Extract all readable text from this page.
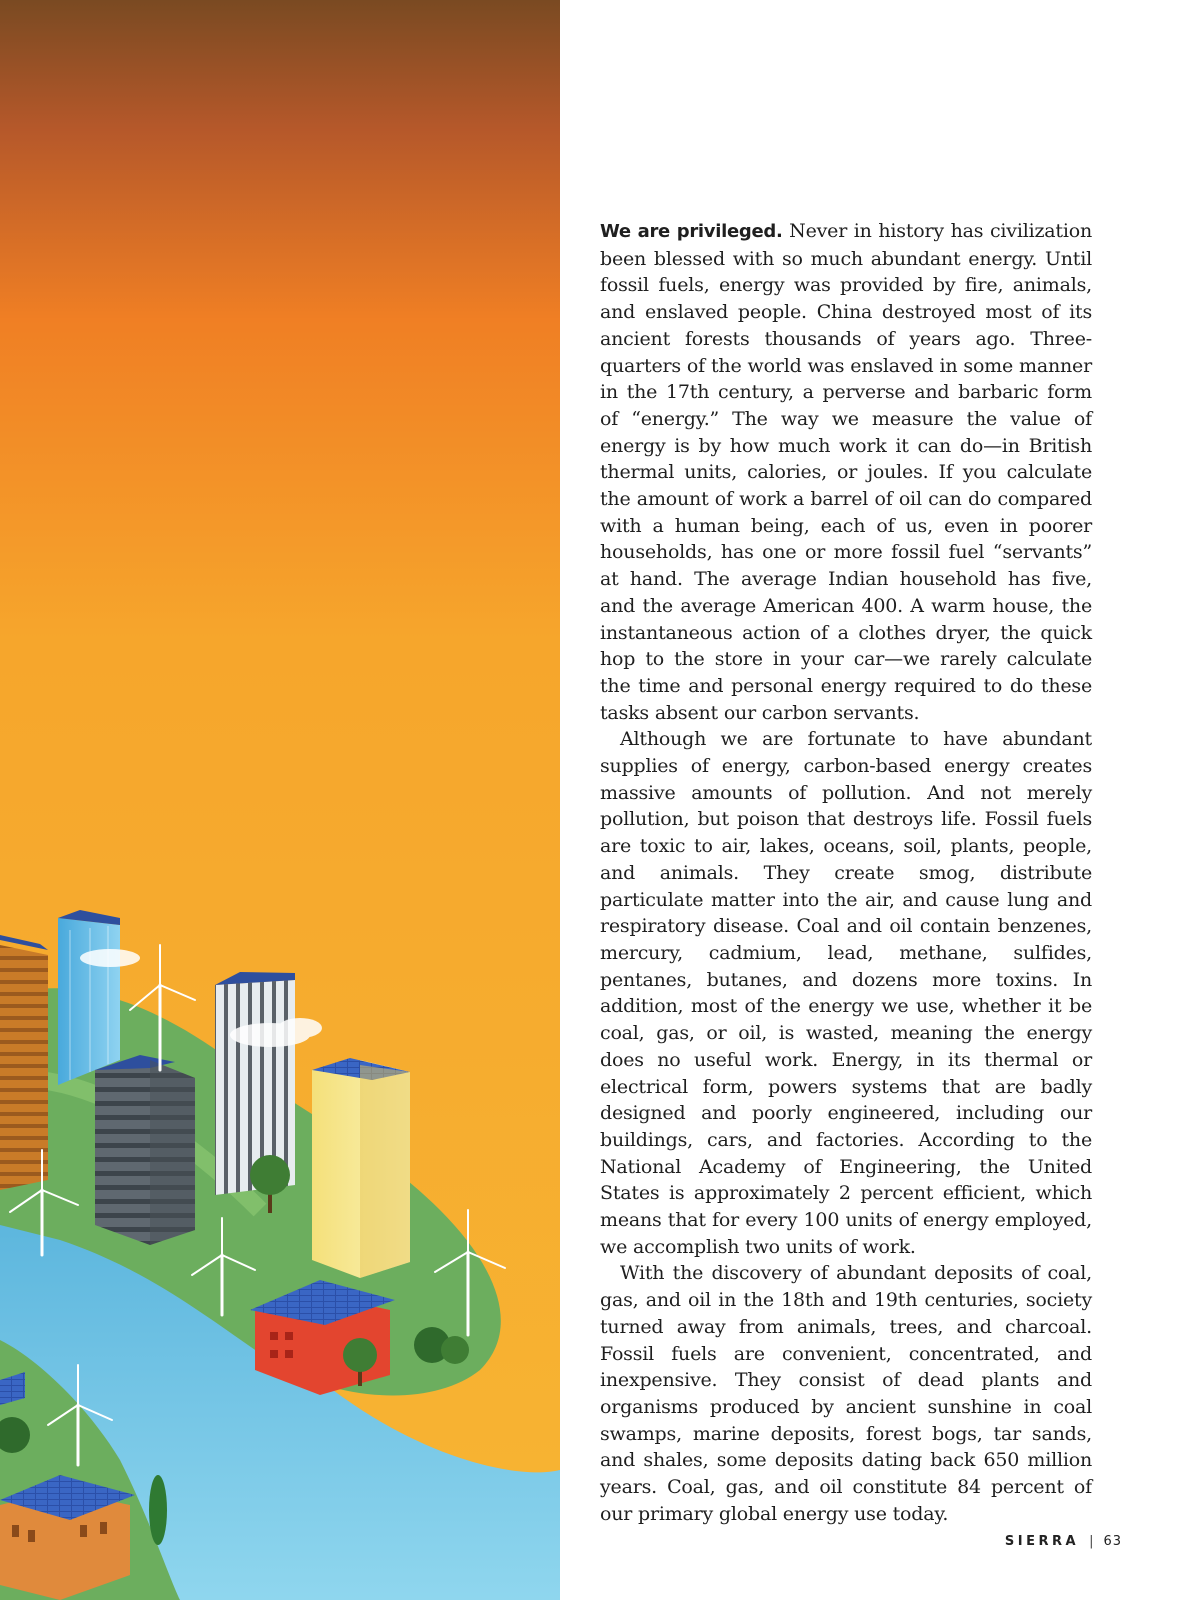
We are privileged. Never in history has civilization been blessed with so much abundant energy. Until fossil fuels, energy was provided by fire, animals, and enslaved people. China destroyed most of its ancient forests thousands of years ago. Three-quarters of the world was enslaved in some manner in the 17th century, a perverse and barbaric form of “energy.” The way we measure the value of energy is by how much work it can do—in British thermal units, calories, or joules. If you calculate the amount of work a barrel of oil can do compared with a human being, each of us, even in poorer households, has one or more fossil fuel “servants” at hand. The average Indian household has five, and the average American 400. A warm house, the instantaneous action of a clothes dryer, the quick hop to the store in your car—we rarely calculate the time and personal energy required to do these tasks absent our carbon servants.

Although we are fortunate to have abundant supplies of energy, carbon-based energy creates massive amounts of pollution. And not merely pollution, but poison that destroys life. Fossil fuels are toxic to air, lakes, oceans, soil, plants, people, and animals. They create smog, distribute particulate matter into the air, and cause lung and respiratory disease. Coal and oil contain benzenes, mercury, cadmium, lead, methane, sulfides, pentanes, butanes, and dozens more toxins. In addition, most of the energy we use, whether it be coal, gas, or oil, is wasted, meaning the energy does no useful work. Energy, in its thermal or electrical form, powers systems that are badly designed and poorly engineered, including our buildings, cars, and factories. According to the National Academy of Engineering, the United States is approximately 2 percent efficient, which means that for every 100 units of energy employed, we accomplish two units of work.

With the discovery of abundant deposits of coal, gas, and oil in the 18th and 19th centuries, society turned away from animals, trees, and charcoal. Fossil fuels are convenient, concentrated, and inexpensive. They consist of dead plants and organisms produced by ancient sunshine in coal swamps, marine deposits, forest bogs, tar sands, and shales, some deposits dating back 650 million years. Coal, gas, and oil constitute 84 percent of our primary global energy use today.

SIERRA | 63
